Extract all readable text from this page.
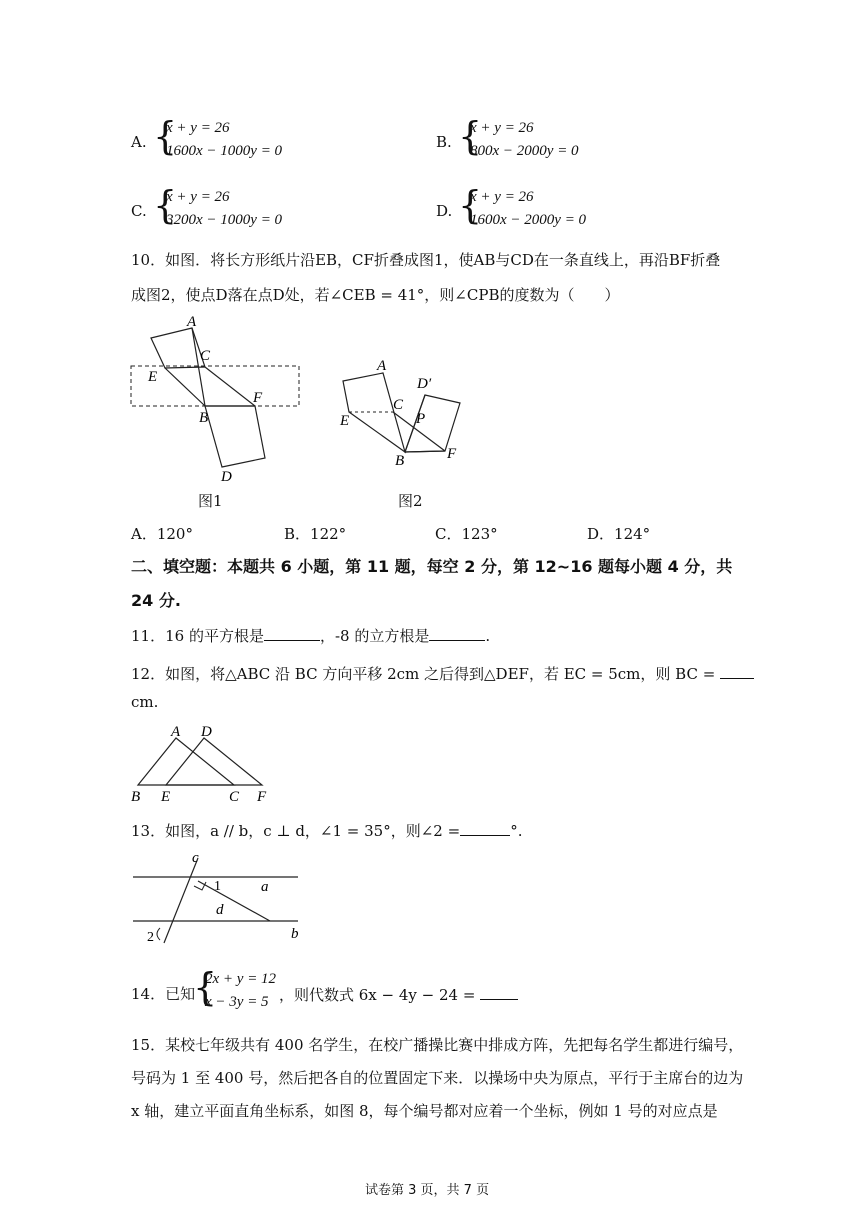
A. {
x + y = 26
1600x − 1000y = 0	B. {
x + y = 26
800x − 2000y = 0
C. {
x + y = 26
3200x − 1000y = 0	D. {
x + y = 26
1600x − 2000y = 0
10．如图．将长方形纸片沿EB，CF折叠成图1，使AB与CD在一条直线上，再沿BF折叠
成图2，使点D落在点D处，若∠CEB = 41°，则∠CPB的度数为（　　）
A
C
E
B
F
D
图1
A
D′
C
P
E
B	F
图2
A．120°	B．122°	C．123°	D．124°
二、填空题：本题共 6 小题，第 11 题，每空 2 分，第 12~16 题每小题 4 分，共
24 分.
11．16 的平方根是	，-8 的立方根是	.
12．如图，将△ABC 沿 BC 方向平移 2cm 之后得到△DEF，若 EC = 5cm，则 BC =
cm.
A D
B E	C F
13．如图，a // b，c ⊥ d，∠1 = 35°，则∠2 =	°.
c
1	a
d
2	b
14．已知
{
2x + y = 12
x − 3y = 5 ，则代数式 6x − 4y − 24 =
15．某校七年级共有 400 名学生，在校广播操比赛中排成方阵，先把每名学生都进行编号，
号码为 1 至 400 号，然后把各自的位置固定下来．以操场中央为原点，平行于主席台的边为
x 轴，建立平面直角坐标系，如图 8，每个编号都对应着一个坐标，例如 1 号的对应点是
试卷第 3 页，共 7 页
